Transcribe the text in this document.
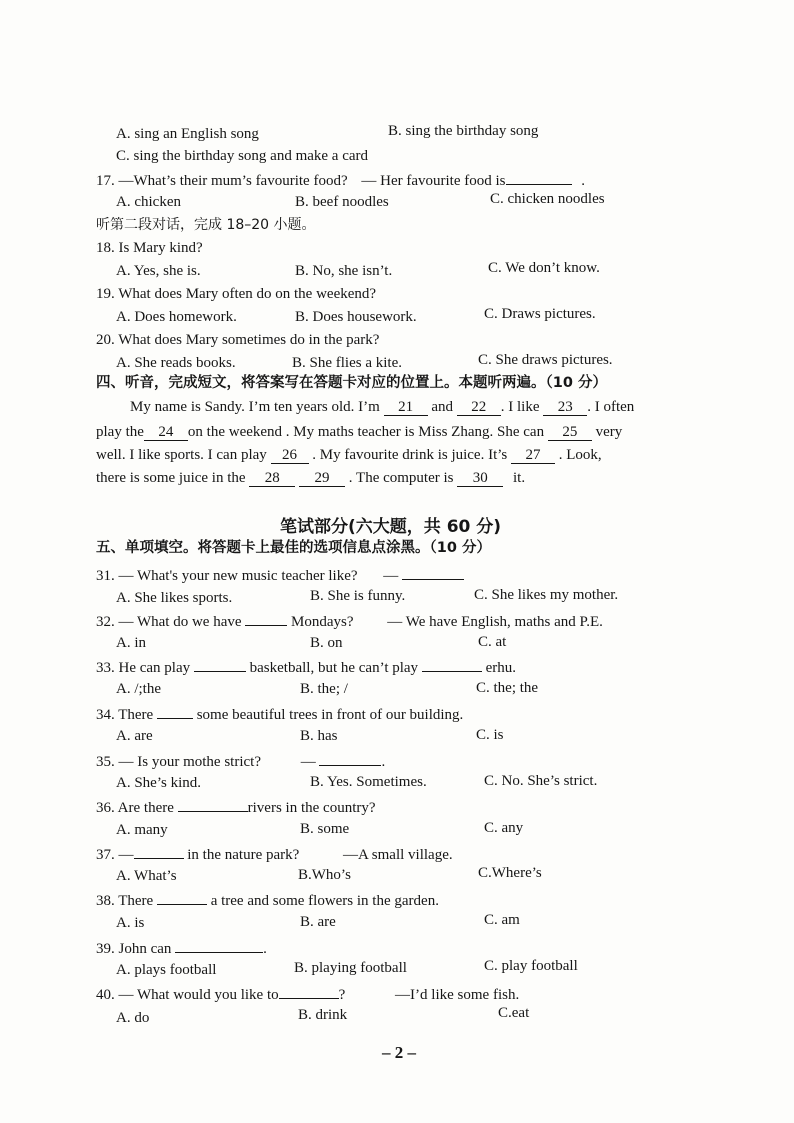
A. sing an English song	B. sing the birthday song
C. sing the birthday song and make a card
17. —What’s their mum’s favourite food? — Her favourite food is	.
A. chicken	B. beef noodles	C. chicken noodles
听第二段对话，完成 18–20 小题。
18. Is Mary kind?
A. Yes, she is.	B. No, she isn’t.	C. We don’t know.
19. What does Mary often do on the weekend?
A. Does homework.	B. Does housework.	C. Draws pictures.
20. What does Mary sometimes do in the park?
A. She reads books.	B. She flies a kite.	C. She draws pictures.
四、听音，完成短文，将答案写在答题卡对应的位置上。本题听两遍。（10 分）
My name is Sandy. I’m ten years old. I’m 21 and 22 . I like 23 . I often
play the 24 on the weekend . My maths teacher is Miss Zhang. She can 25 very
well. I like sports. I can play 26 . My favourite drink is juice. It’s 27 . Look,
there is some juice in the 28 29 . The computer is 30 it.
笔试部分(六大题，共 60 分)
五、单项填空。将答题卡上最佳的选项信息点涂黑。（10 分）
31. — What's your new music teacher like? —
A. She likes sports.	B. She is funny.	C. She likes my mother.
32. — What do we have	Mondays? — We have English, maths and P.E.
A. in	B. on	C. at
33. He can play	basketball, but he can’t play	erhu.
A. /;the	B. the; /	C. the; the
34. There	some beautiful trees in front of our building.
A. are	B. has	C. is
35. — Is your mothe strict?	—	.
A. She’s kind.	B. Yes. Sometimes.	C. No. She’s strict.
36. Are there	rivers in the country?
A. many	B. some	C. any
37. —	in the nature park?	—A small village.
A. What’s	B.Who’s	C.Where’s
38. There	a tree and some flowers in the garden.
A. is	B. are	C. am
39. John can	.
A. plays football	B. playing football	C. play football
40. — What would you like to	?	—I’d like some fish.
A. do	B. drink	C.eat
– 2 –
